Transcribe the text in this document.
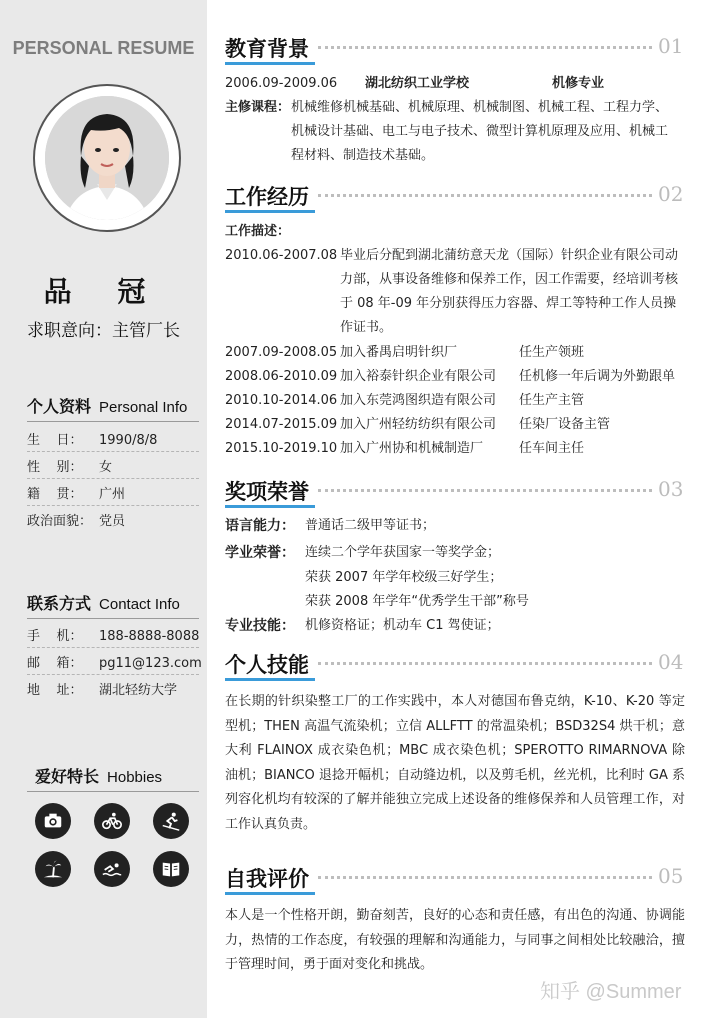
PERSONAL RESUME
品 冠
求职意向：主管厂长
个人资料 Personal Info
生    日： 1990/8/8
性    别： 女
籍    贯： 广州
政治面貌： 党员
联系方式 Contact Info
手    机： 188-8888-8088
邮    箱： pg11@123.com
地    址： 湖北轻纺大学
爱好特长 Hobbies
教育背景	01
2006.09-2009.06 湖北纺织工业学校	机修专业
主修课程： 机械维修机械基础、机械原理、机械制图、机械工程、工程力学、
机械设计基础、电工与电子技术、微型计算机原理及应用、机械工
程材料、制造技术基础。
工作经历	02
工作描述：
2010.06-2007.08 毕业后分配到湖北蒲纺意天龙（国际）针织企业有限公司动
力部，从事设备维修和保养工作，因工作需要，经培训考核
于 08 年-09 年分别获得压力容器、焊工等特种工作人员操
作证书。
2007.09-2008.05 加入番禺启明针织厂	任生产领班
2008.06-2010.09 加入裕泰针织企业有限公司 任机修一年后调为外勤跟单
2010.10-2014.06 加入东莞鸿图织造有限公司 任生产主管
2014.07-2015.09 加入广州轻纺纺织有限公司 任染厂设备主管
2015.10-2019.10 加入广州协和机械制造厂	任车间主任
奖项荣誉	03
语言能力： 普通话二级甲等证书；
学业荣誉： 连续二个学年获国家一等奖学金；
荣获 2007 年学年校级三好学生；
荣获 2008 年学年“优秀学生干部”称号
专业技能： 机修资格证；机动车 C1 驾使证；
个人技能	04
在长期的针织染整工厂的工作实践中，本人对德国布鲁克纳，K-10、K-20 等定型机；THEN 高温气流染机；立信 ALLFTT 的常温染机；BSD32S4 烘干机；意大利 FLAINOX 成衣染色机；MBC 成衣染色机；SPEROTTO RIMARNOVA 除油机；BIANCO 退捻开幅机；自动缝边机，以及剪毛机，丝光机，比利时 GA 系列容化机均有较深的了解并能独立完成上述设备的维修保养和人员管理工作，对工作认真负责。
自我评价	05
本人是一个性格开朗，勤奋刻苦，良好的心态和责任感，有出色的沟通、协调能力，热情的工作态度，有较强的理解和沟通能力，与同事之间相处比较融洽，擅于管理时间，勇于面对变化和挑战。
知乎 @Summer
